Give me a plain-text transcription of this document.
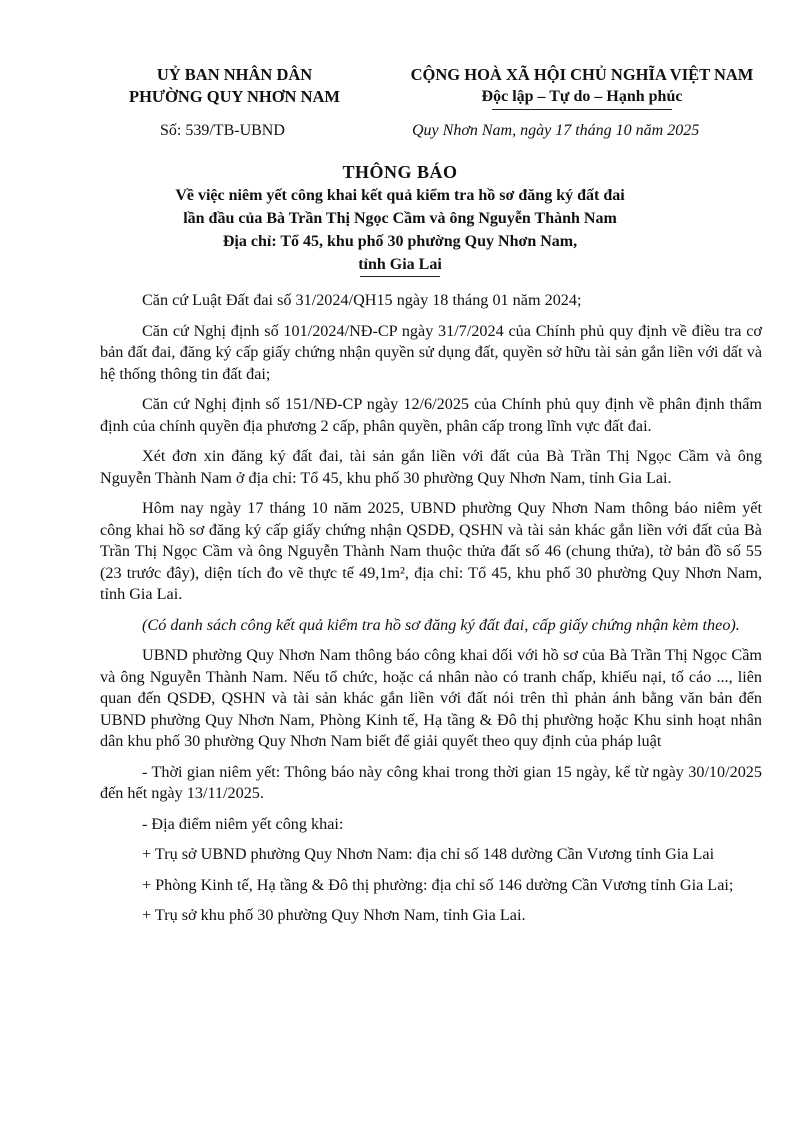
UỶ BAN NHÂN DÂN
PHƯỜNG QUY NHƠN NAM
CỘNG HOÀ XÃ HỘI CHỦ NGHĨA VIỆT NAM
Độc lập – Tự do – Hạnh phúc
Số: 539/TB-UBND	Quy Nhơn Nam, ngày 17 tháng 10 năm 2025
THÔNG BÁO
Về việc niêm yết công khai kết quả kiểm tra hồ sơ đăng ký đất đai
lần đầu của Bà Trần Thị Ngọc Cầm và ông Nguyễn Thành Nam
Địa chỉ: Tổ 45, khu phố 30 phường Quy Nhơn Nam,
tỉnh Gia Lai

Căn cứ Luật Đất đai số 31/2024/QH15 ngày 18 tháng 01 năm 2024;

Căn cứ Nghị định số 101/2024/NĐ-CP ngày 31/7/2024 của Chính phủ quy định về điều tra cơ bản đất đai, đăng ký cấp giấy chứng nhận quyền sử dụng đất, quyền sở hữu tài sản gắn liền với dất và hệ thống thông tin đất đai;

Căn cứ Nghị định số 151/NĐ-CP ngày 12/6/2025 của Chính phủ quy định về phân định thẩm định của chính quyền địa phương 2 cấp, phân quyền, phân cấp trong lĩnh vực đất đai.

Xét đơn xin đăng ký đất đai, tài sản gắn liền với đất của Bà Trần Thị Ngọc Cầm và ông Nguyễn Thành Nam ở địa chỉ: Tổ 45, khu phố 30 phường Quy Nhơn Nam, tỉnh Gia Lai.

Hôm nay ngày 17 tháng 10 năm 2025, UBND phường Quy Nhơn Nam thông báo niêm yết công khai hồ sơ đăng ký cấp giấy chứng nhận QSDĐ, QSHN và tài sản khác gắn liền với đất của Bà Trần Thị Ngọc Cầm và ông Nguyễn Thành Nam thuộc thửa đất số 46 (chung thửa), tờ bản đồ số 55 (23 trước đây), diện tích đo vẽ thực tế 49,1m², địa chỉ: Tổ 45, khu phố 30 phường Quy Nhơn Nam, tỉnh Gia Lai.

(Có danh sách công kết quả kiểm tra hồ sơ đăng ký đất đai, cấp giấy chứng nhận kèm theo).

UBND phường Quy Nhơn Nam thông báo công khai dối với hồ sơ của Bà Trần Thị Ngọc Cầm và ông Nguyễn Thành Nam. Nếu tổ chức, hoặc cá nhân nào có tranh chấp, khiếu nại, tố cáo ..., liên quan đến QSDĐ, QSHN và tài sản khác gắn liền với đất nói trên thì phản ánh bằng văn bản đến UBND phường Quy Nhơn Nam, Phòng Kinh tế, Hạ tầng & Đô thị phường hoặc Khu sinh hoạt nhân dân khu phố 30 phường Quy Nhơn Nam biết để giải quyết theo quy định của pháp luật

- Thời gian niêm yết: Thông báo này công khai trong thời gian 15 ngày, kể từ ngày 30/10/2025 đến hết ngày 13/11/2025.

- Địa điểm niêm yết công khai:

+ Trụ sở UBND phường Quy Nhơn Nam: địa chỉ số 148 dường Cần Vương tỉnh Gia Lai

+ Phòng Kinh tế, Hạ tầng & Đô thị phường: địa chỉ số 146 dường Cần Vương tỉnh Gia Lai;

+ Trụ sở khu phố 30 phường Quy Nhơn Nam, tỉnh Gia Lai.
